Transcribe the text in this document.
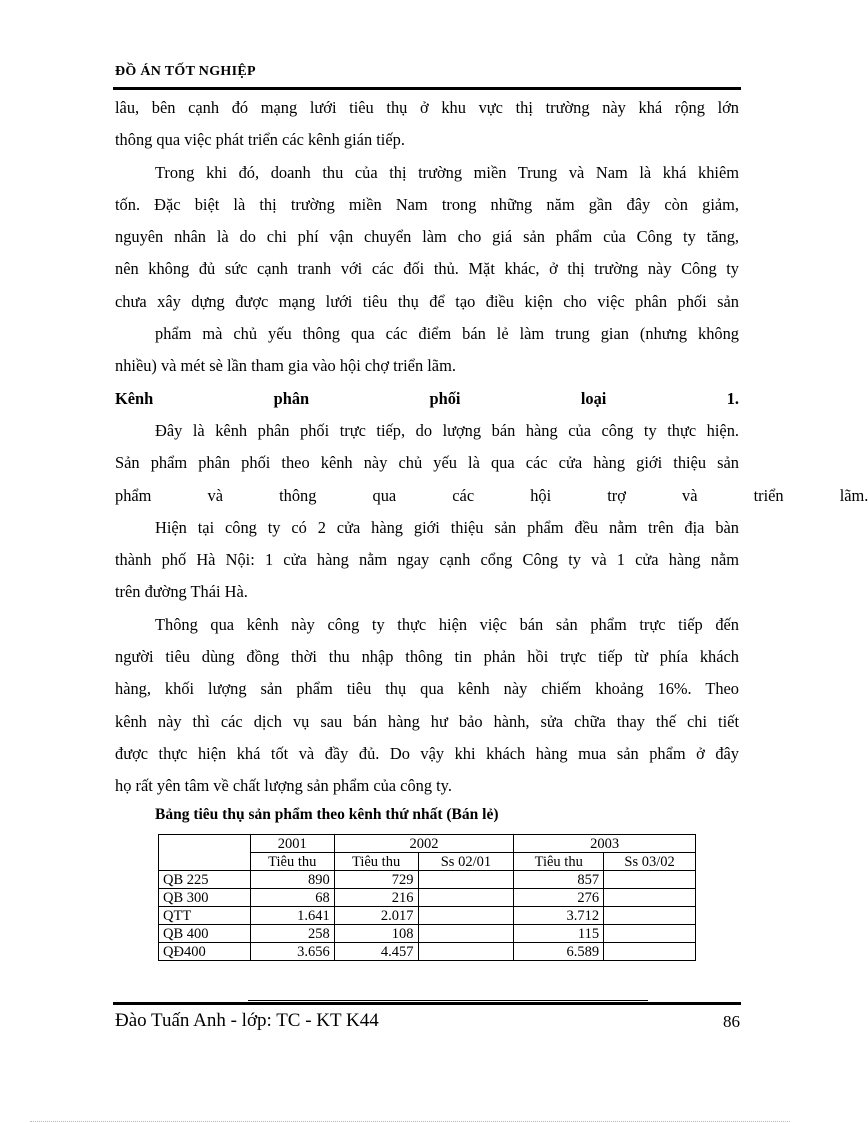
ĐỒ ÁN TỐT NGHIỆP
lâu, bên cạnh đó mạng lưới tiêu thụ ở khu vực thị trường này khá rộng lớn
thông qua việc phát triển các kênh gián tiếp.
Trong khi đó, doanh thu của thị trường miền Trung và Nam là khá khiêm
tốn. Đặc biệt là thị trường miền Nam trong những năm gần đây còn giảm,
nguyên nhân là do chi phí vận chuyển làm cho giá sản phẩm của Công ty tăng,
nên không đủ sức cạnh tranh với các đối thủ. Mặt khác, ở thị trường này Công ty
chưa xây dựng được mạng lưới tiêu thụ để tạo điều kiện cho việc phân phối sản
phẩm mà chủ yếu thông qua các điểm bán lẻ làm trung gian (nhưng không
nhiều) và mét sè lần tham gia vào hội chợ triển lãm.
Kênh phân phối loại 1.
Đây là kênh phân phối trực tiếp, do lượng bán hàng của công ty thực hiện.
Sản phẩm phân phối theo kênh này chủ yếu là qua các cửa hàng giới thiệu sản
phẩm và thông qua các hội trợ và triển lãm.
Hiện tại công ty có 2 cửa hàng giới thiệu sản phẩm đều nằm trên địa bàn
thành phố Hà Nội: 1 cửa hàng nằm ngay cạnh cổng Công ty và 1 cửa hàng nằm
trên đường Thái Hà.
Thông qua kênh này công ty thực hiện việc bán sản phẩm trực tiếp đến
người tiêu dùng đồng thời thu nhập thông tin phản hồi trực tiếp từ phía khách
hàng, khối lượng sản phẩm tiêu thụ qua kênh này chiếm khoảng 16%. Theo
kênh này thì các dịch vụ sau bán hàng hư bảo hành, sửa chữa thay thế chi tiết
được thực hiện khá tốt và đầy đủ. Do vậy khi khách hàng mua sản phẩm ở đây
họ rất yên tâm về chất lượng sản phẩm của công ty.
Bảng tiêu thụ sản phẩm theo kênh thứ nhất (Bán lẻ)
	2001	2002		2003	
	Tiêu thu	Tiêu thu	Ss 02/01	Tiêu thu	Ss 03/02
QB 225	890	729		857	
QB 300	68	216		276	
QTT	1.641	2.017		3.712	
QB 400	258	108		115	
QĐ400	3.656	4.457		6.589	
Đào Tuấn Anh - lớp: TC - KT K44	86
